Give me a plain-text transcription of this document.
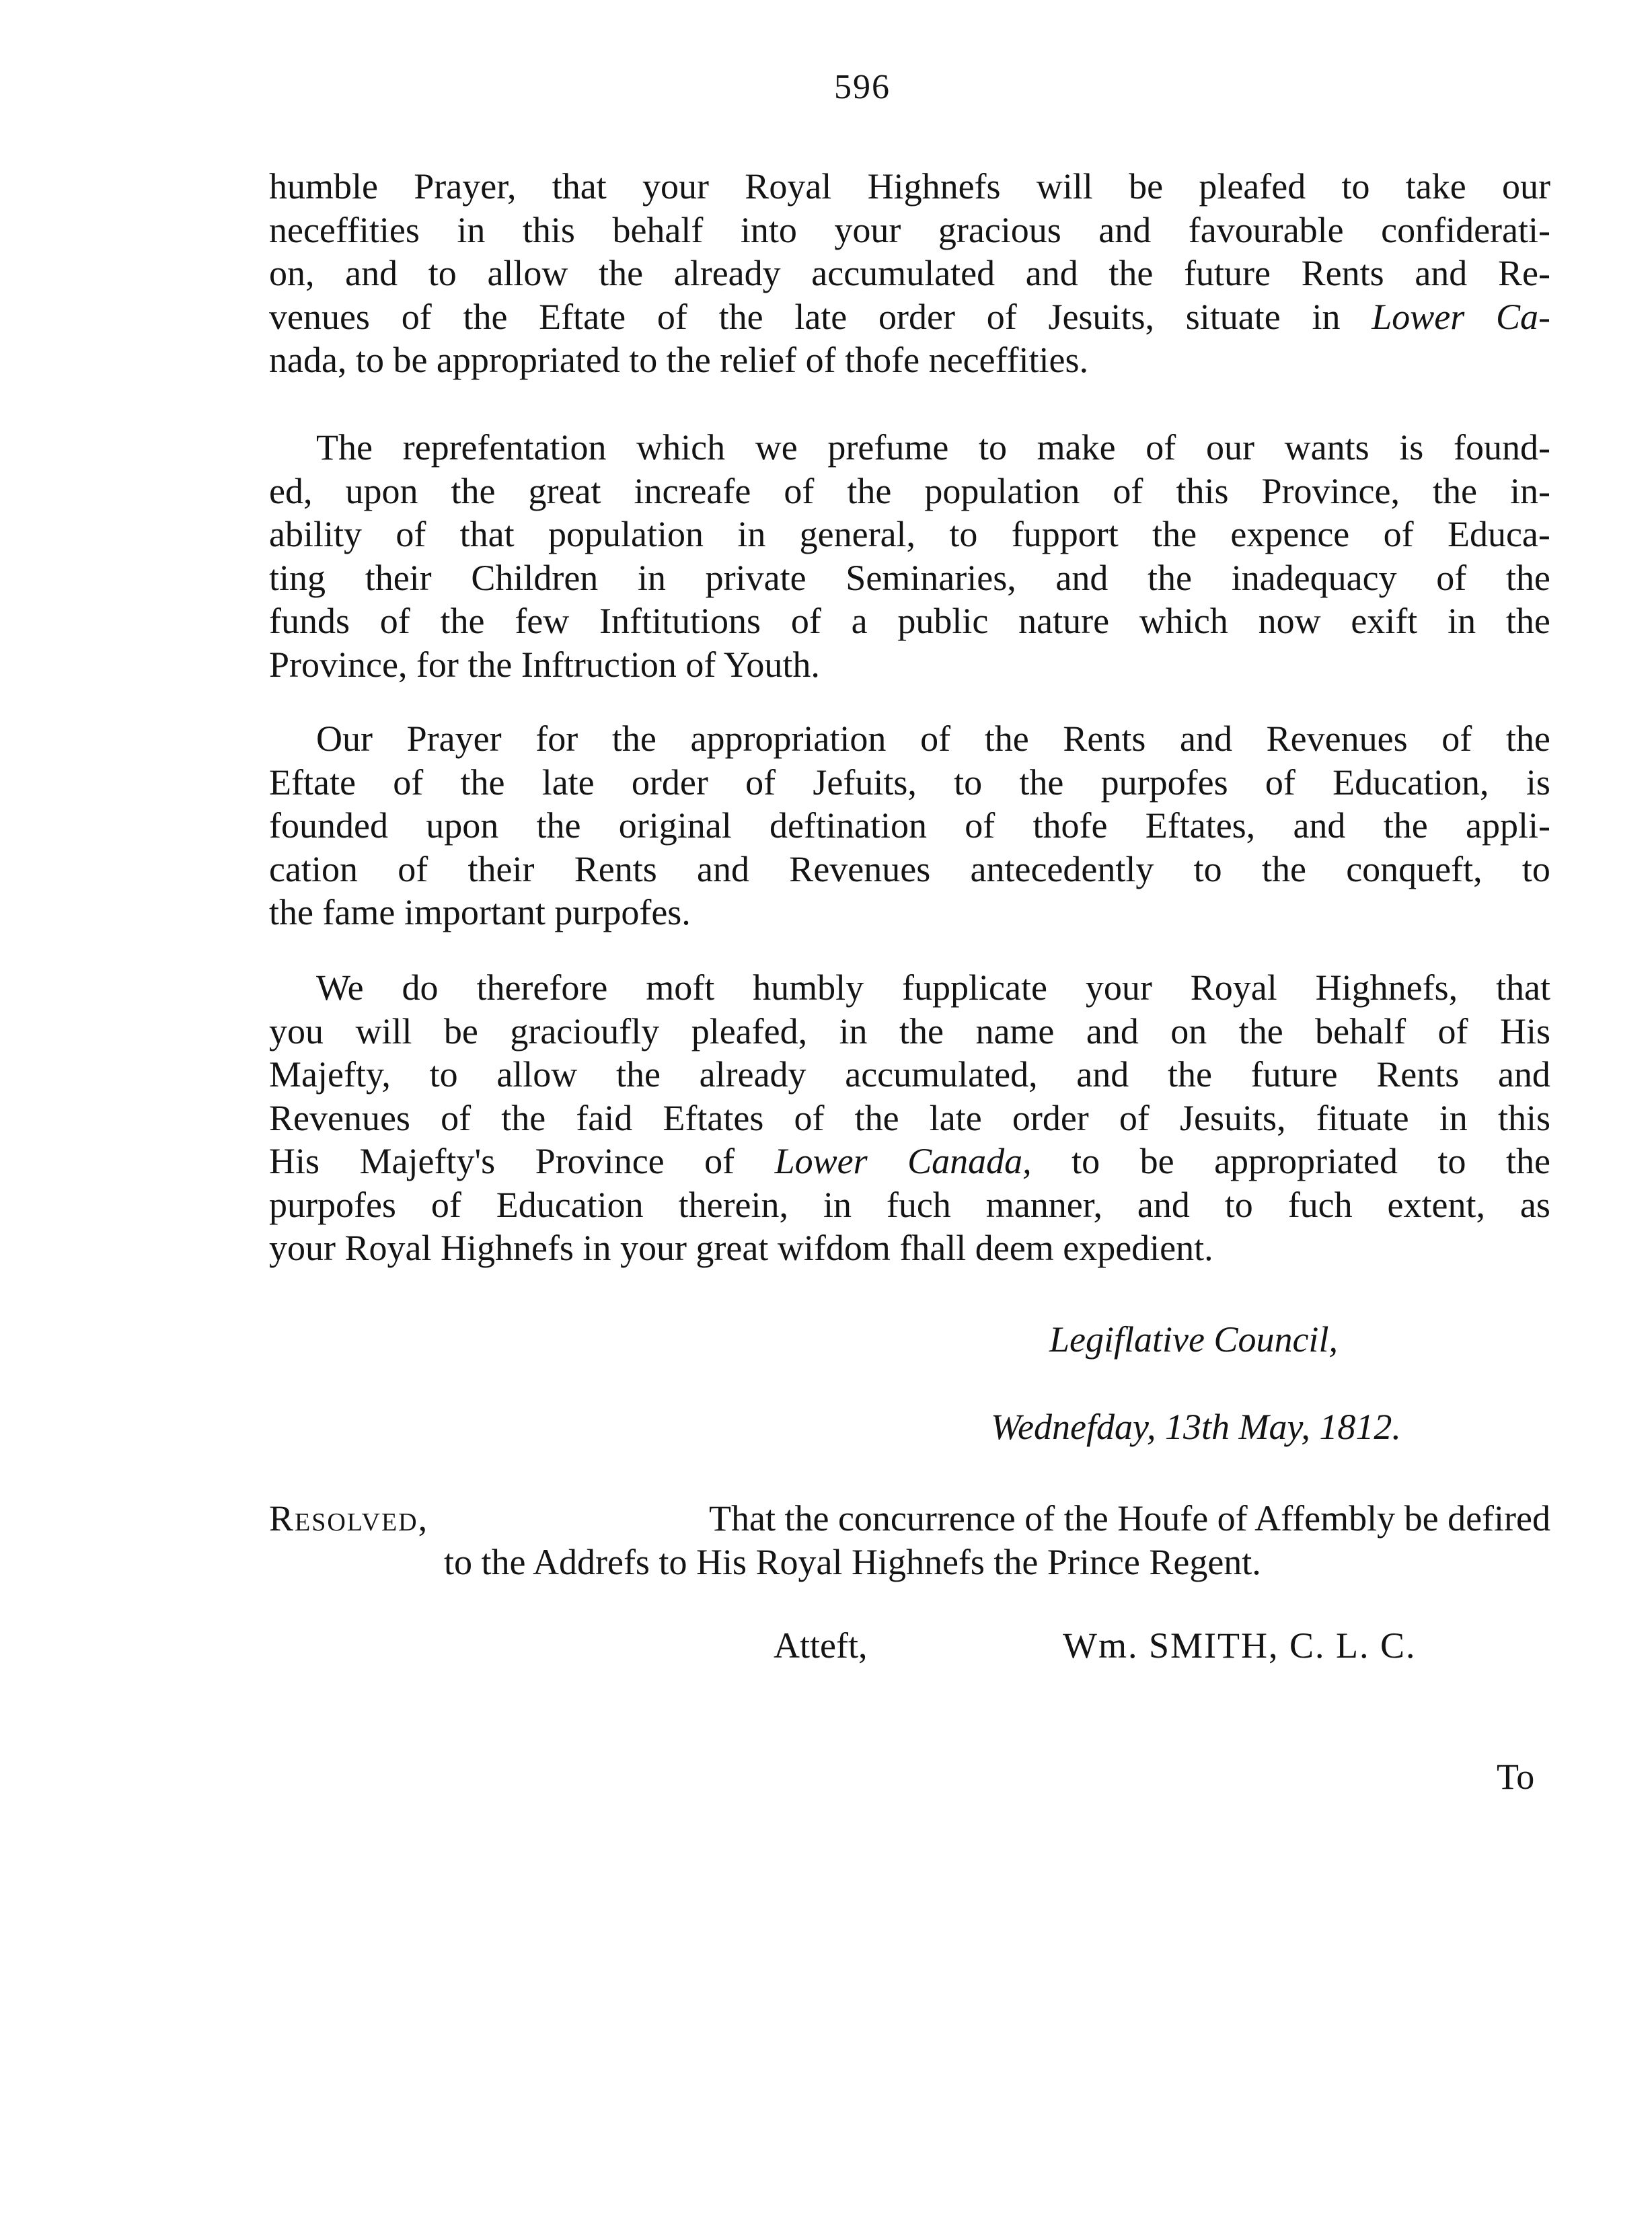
596
humble Prayer, that your Royal Highnefs will be pleafed to take our
neceffities in this behalf into your gracious and favourable confiderati-
on, and to allow the already accumulated and the future Rents and Re-
venues of the Eftate of the late order of Jesuits, situate in Lower Ca-
nada, to be appropriated to the relief of thofe neceffities.
The reprefentation which we prefume to make of our wants is found-
ed, upon the great increafe of the population of this Province, the in-
ability of that population in general, to fupport the expence of Educa-
ting their Children in private Seminaries, and the inadequacy of the
funds of the few Inftitutions of a public nature which now exift in the
Province, for the Inftruction of Youth.
Our Prayer for the appropriation of the Rents and Revenues of the
Eftate of the late order of Jefuits, to the purpofes of Education, is
founded upon the original deftination of thofe Eftates, and the appli-
cation of their Rents and Revenues antecedently to the conqueft, to
the fame important purpofes.
We do therefore moft humbly fupplicate your Royal Highnefs, that
you will be gracioufly pleafed, in the name and on the behalf of His
Majefty, to allow the already accumulated, and the future Rents and
Revenues of the faid Eftates of the late order of Jesuits, fituate in this
His Majefty's Province of Lower Canada, to be appropriated to the
purpofes of Education therein, in fuch manner, and to fuch extent, as
your Royal Highnefs in your great wifdom fhall deem expedient.
Legiflative Council,
Wednefday, 13th May, 1812.
Resolved,	That the concurrence of the Houfe of Affembly be defired
to the Addrefs to His Royal Highnefs the Prince Regent.
Atteft,	Wm. SMITH, C. L. C.
To
